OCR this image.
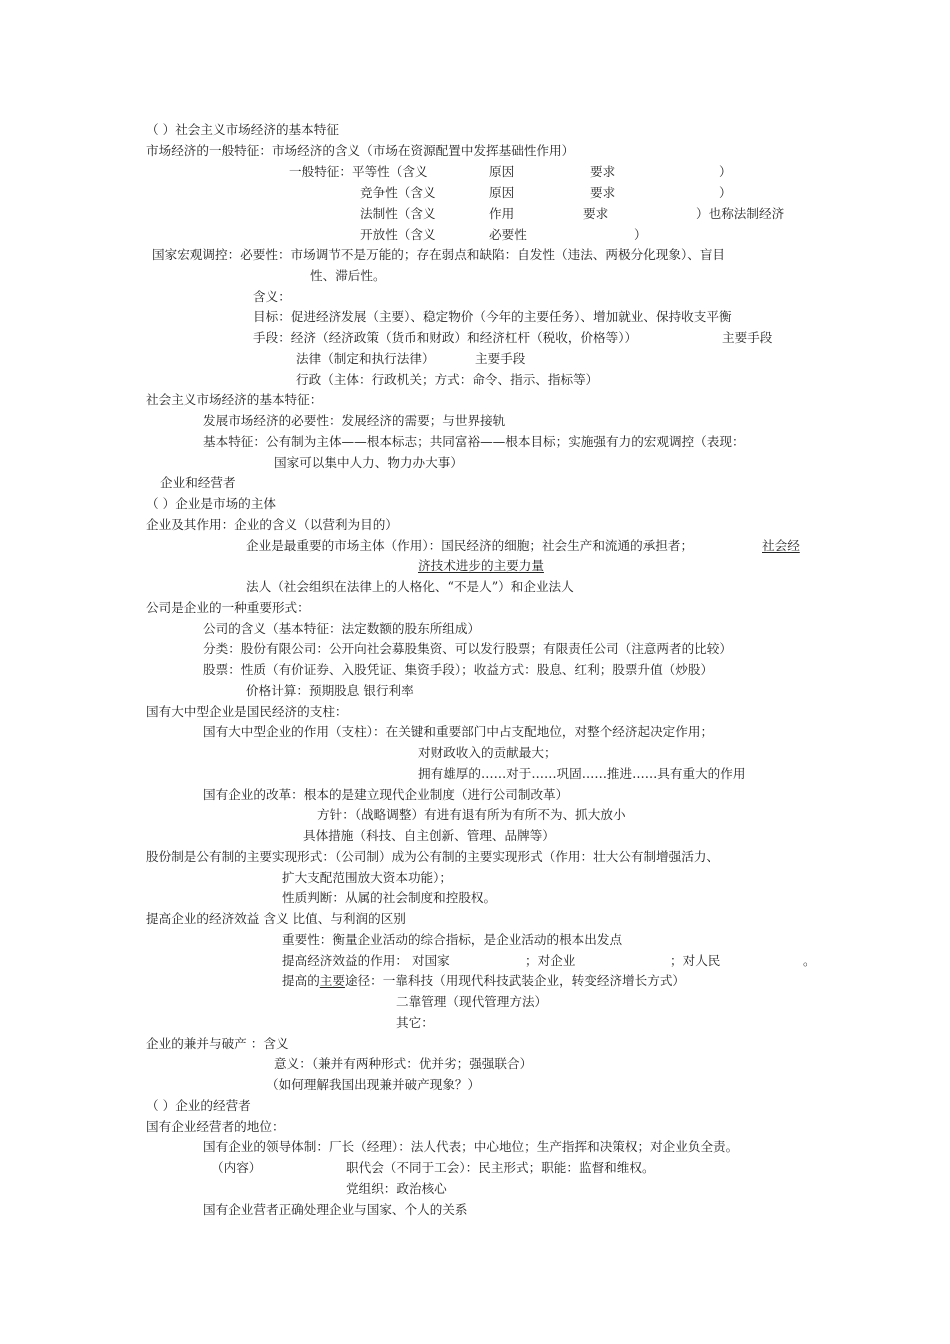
（ ）社会主义市场经济的基本特征
市场经济的一般特征：市场经济的含义（市场在资源配置中发挥基础性作用）
一般特征：平等性（含义	原因	要求	）
竞争性（含义	原因	要求	）
法制性（含义	作用	要求	）也称法制经济
开放性（含义	必要性	）
国家宏观调控：必要性：市场调节不是万能的；存在弱点和缺陷：自发性（违法、两极分化现象）、盲目
性、滞后性。
含义：
目标：促进经济发展（主要）、稳定物价（今年的主要任务）、增加就业、保持收支平衡
手段：经济（经济政策（货币和财政）和经济杠杆（税收，价格等））	主要手段
法律（制定和执行法律）	主要手段
行政（主体：行政机关；方式：命令、指示、指标等）
社会主义市场经济的基本特征：
发展市场经济的必要性：发展经济的需要；与世界接轨
基本特征：公有制为主体——根本标志；共同富裕——根本目标；实施强有力的宏观调控（表现：
国家可以集中人力、物力办大事）
企业和经营者
（ ）企业是市场的主体
企业及其作用：企业的含义（以营利为目的）
企业是最重要的市场主体（作用）：国民经济的细胞；社会生产和流通的承担者；	社会经
济技术进步的主要力量
法人（社会组织在法律上的人格化、“不是人”）和企业法人
公司是企业的一种重要形式：
公司的含义（基本特征：法定数额的股东所组成）
分类：股份有限公司：公开向社会募股集资、可以发行股票；有限责任公司（注意两者的比较）
股票：性质（有价证券、入股凭证、集资手段）；收益方式：股息、红利；股票升值（炒股）
价格计算：预期股息 银行利率
国有大中型企业是国民经济的支柱：
国有大中型企业的作用（支柱）：在关键和重要部门中占支配地位，对整个经济起决定作用；
对财政收入的贡献最大；
拥有雄厚的……对于……巩固……推进……具有重大的作用
国有企业的改革：根本的是建立现代企业制度（进行公司制改革）
方针：（战略调整）有进有退有所为有所不为、抓大放小
具体措施（科技、自主创新、管理、品牌等）
股份制是公有制的主要实现形式：（公司制）成为公有制的主要实现形式（作用：壮大公有制增强活力、
扩大支配范围放大资本功能）；
性质判断：从属的社会制度和控股权。
提高企业的经济效益 含义 比值、与利润的区别
重要性：衡量企业活动的综合指标，是企业活动的根本出发点
提高经济效益的作用： 对国家	；对企业	；对人民	。
提高的主要途径：一靠科技（用现代科技武装企业，转变经济增长方式）
二靠管理（现代管理方法）
其它：
企业的兼并与破产 ：含义
意义：（兼并有两种形式：优并劣；强强联合）
（如何理解我国出现兼并破产现象？）
（ ）企业的经营者
国有企业经营者的地位：
国有企业的领导体制：厂长（经理）：法人代表；中心地位；生产指挥和决策权；对企业负全责。
（内容）	职代会（不同于工会）：民主形式；职能：监督和维权。
党组织：政治核心
国有企业营者正确处理企业与国家、个人的关系
